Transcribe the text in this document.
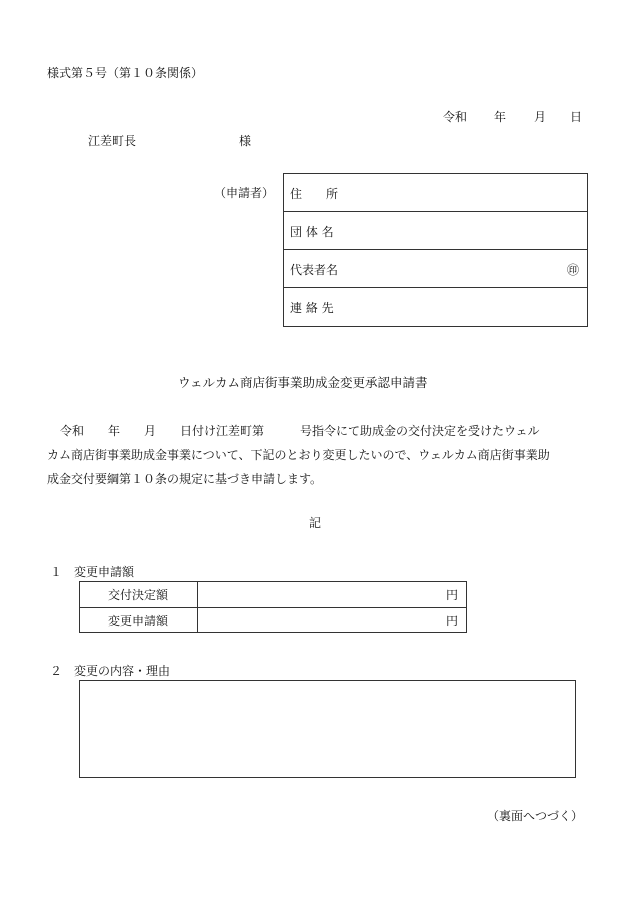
様式第５号（第１０条関係）
令和 年 月 日
江差町長	様
（申請者） 住　　所
団 体 名
代表者名	㊞
連 絡 先
ウェルカム商店街事業助成金変更承認申請書
令和　　年　　月　　日付け江差町第　　　号指令にて助成金の交付決定を受けたウェル
カム商店街事業助成金事業について、下記のとおり変更したいので、ウェルカム商店街事業助
成金交付要綱第１０条の規定に基づき申請します。
記
１ 変更申請額
交付決定額	円
変更申請額	円
２ 変更の内容・理由
（裏面へつづく）
